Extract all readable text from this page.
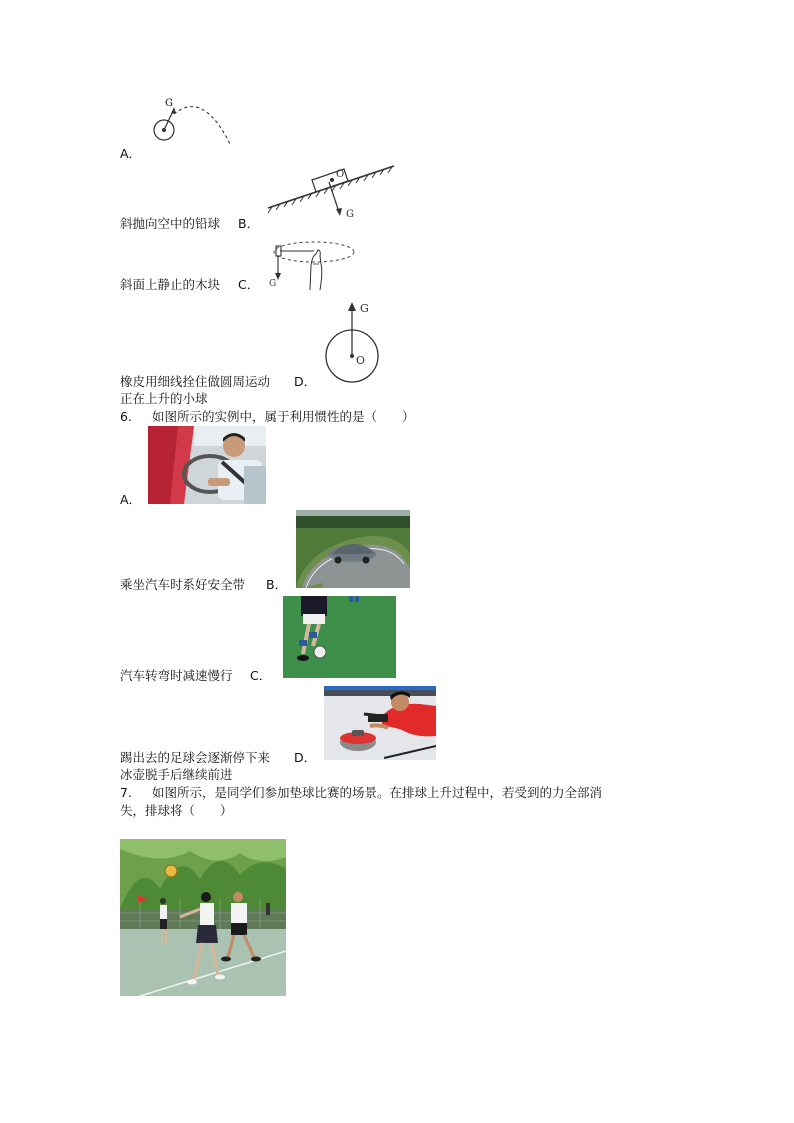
G
A．
O
G
斜抛向空中的铅球 B．
G
斜面上静止的木块 C．
G
O
橡皮用细线拴住做圆周运动 D．
正在上升的小球
6. 如图所示的实例中，属于利用惯性的是（　　）
A．
乘坐汽车时系好安全带 B．
汽车转弯时减速慢行 C．
踢出去的足球会逐渐停下来 D．
冰壶脱手后继续前进
7. 如图所示，是同学们参加垫球比赛的场景。在排球上升过程中，若受到的力全部消
失，排球将（　　）
